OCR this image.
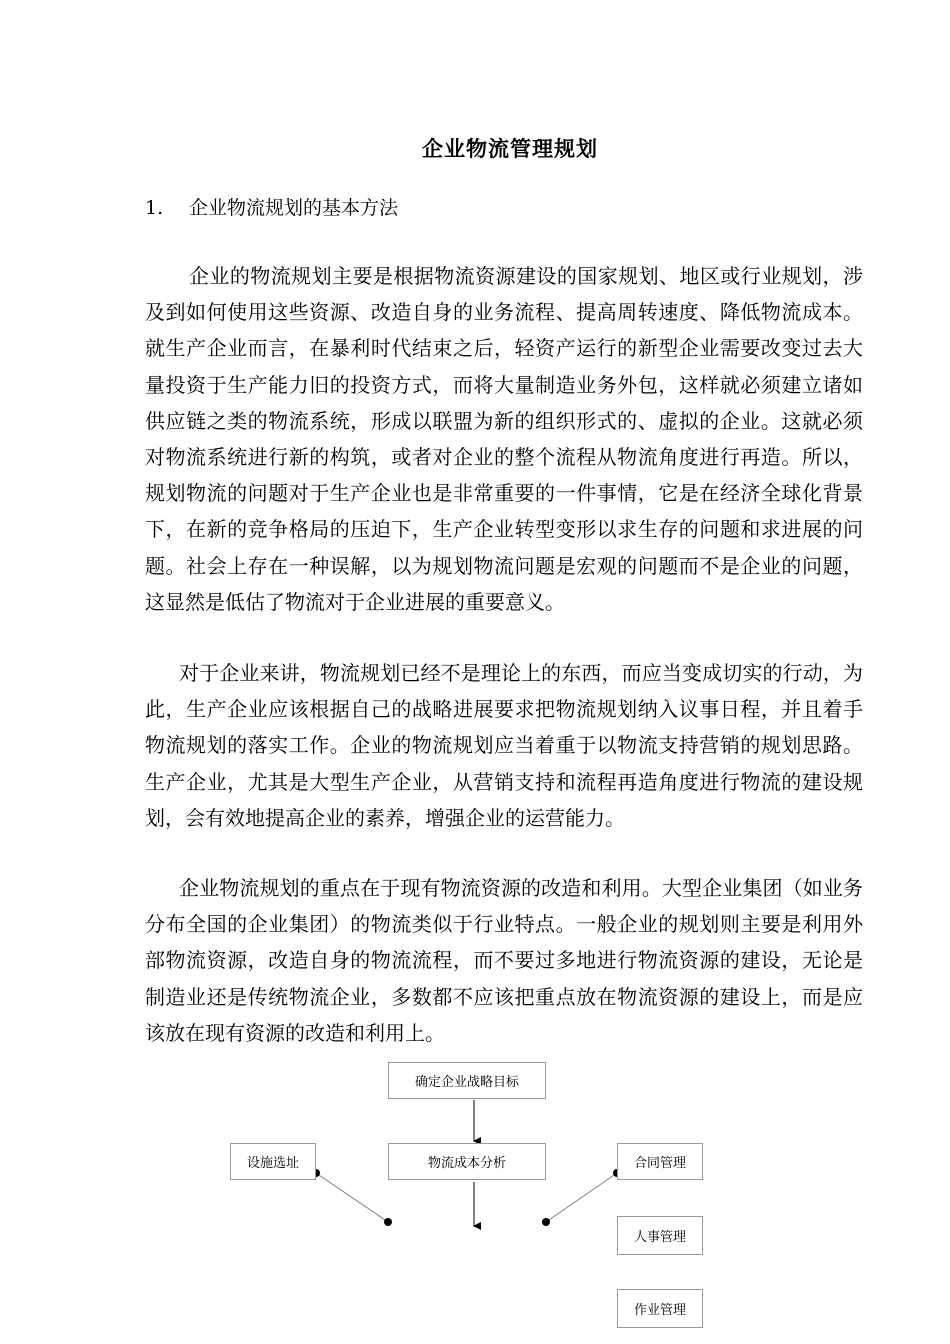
企业物流管理规划
1. 企业物流规划的基本方法

企业的物流规划主要是根据物流资源建设的国家规划、地区或行业规划，涉及到如何使用这些资源、改造自身的业务流程、提高周转速度、降低物流成本。就生产企业而言，在暴利时代结束之后，轻资产运行的新型企业需要改变过去大量投资于生产能力旧的投资方式，而将大量制造业务外包，这样就必须建立诸如供应链之类的物流系统，形成以联盟为新的组织形式的、虚拟的企业。这就必须对物流系统进行新的构筑，或者对企业的整个流程从物流角度进行再造。所以，规划物流的问题对于生产企业也是非常重要的一件事情，它是在经济全球化背景下，在新的竞争格局的压迫下，生产企业转型变形以求生存的问题和求进展的问题。社会上存在一种误解，以为规划物流问题是宏观的问题而不是企业的问题，这显然是低估了物流对于企业进展的重要意义。

对于企业来讲，物流规划已经不是理论上的东西，而应当变成切实的行动，为此，生产企业应该根据自己的战略进展要求把物流规划纳入议事日程，并且着手物流规划的落实工作。企业的物流规划应当着重于以物流支持营销的规划思路。生产企业，尤其是大型生产企业，从营销支持和流程再造角度进行物流的建设规划，会有效地提高企业的素养，增强企业的运营能力。

企业物流规划的重点在于现有物流资源的改造和利用。大型企业集团（如业务分布全国的企业集团）的物流类似于行业特点。一般企业的规划则主要是利用外部物流资源，改造自身的物流流程，而不要过多地进行物流资源的建设，无论是制造业还是传统物流企业，多数都不应该把重点放在物流资源的建设上，而是应该放在现有资源的改造和利用上。

确定企业战略目标
物流成本分析
设施选址	合同管理
人事管理
作业管理
